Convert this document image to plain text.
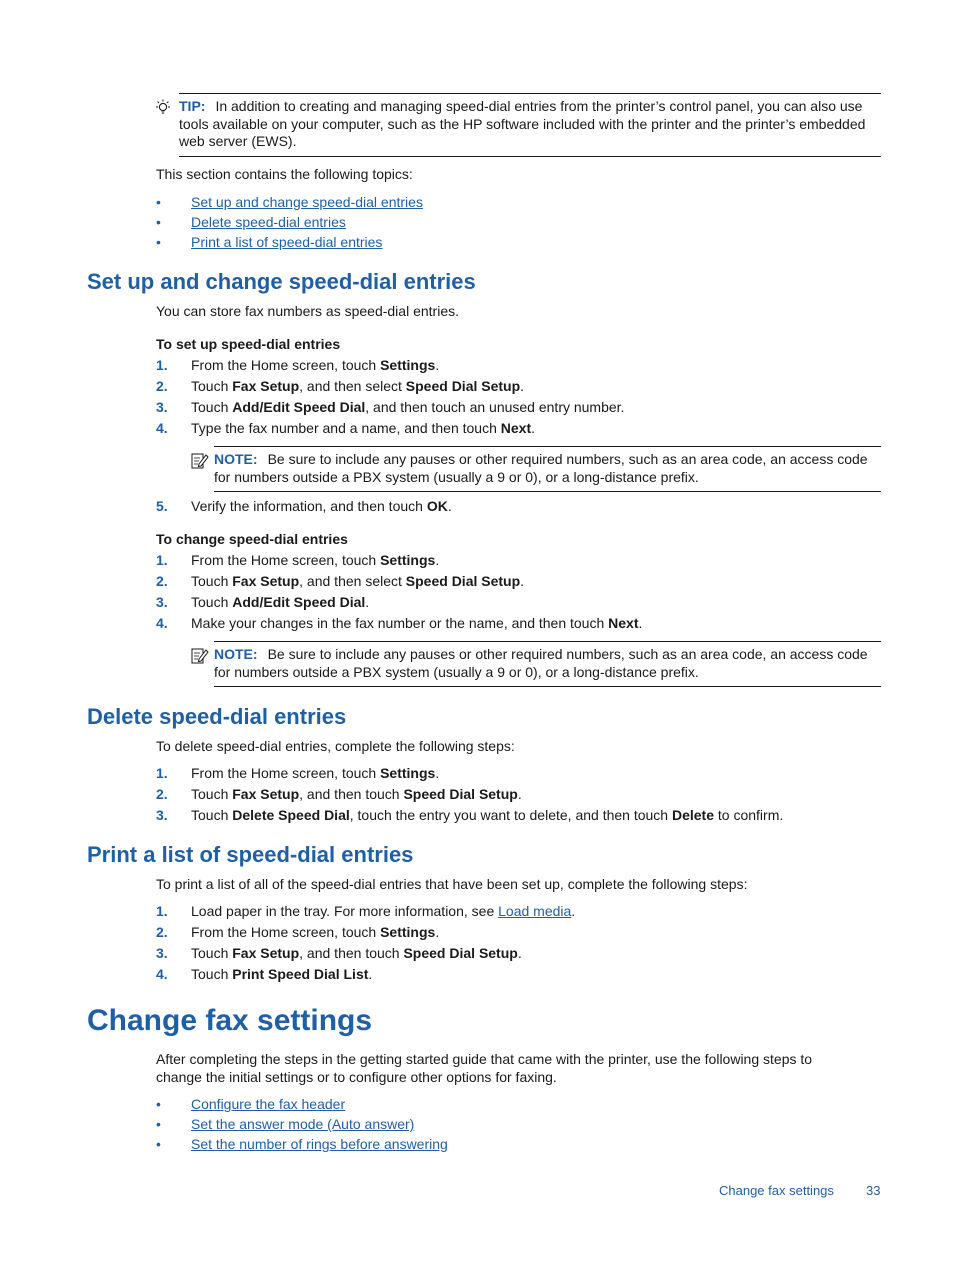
TIP: In addition to creating and managing speed-dial entries from the printer’s control panel, you can also use tools available on your computer, such as the HP software included with the printer and the printer’s embedded web server (EWS).
This section contains the following topics:
• Set up and change speed-dial entries
• Delete speed-dial entries
• Print a list of speed-dial entries
Set up and change speed-dial entries
You can store fax numbers as speed-dial entries.
To set up speed-dial entries
1. From the Home screen, touch Settings.
2. Touch Fax Setup, and then select Speed Dial Setup.
3. Touch Add/Edit Speed Dial, and then touch an unused entry number.
4. Type the fax number and a name, and then touch Next.
NOTE: Be sure to include any pauses or other required numbers, such as an area code, an access code for numbers outside a PBX system (usually a 9 or 0), or a long-distance prefix.
5. Verify the information, and then touch OK.
To change speed-dial entries
1. From the Home screen, touch Settings.
2. Touch Fax Setup, and then select Speed Dial Setup.
3. Touch Add/Edit Speed Dial.
4. Make your changes in the fax number or the name, and then touch Next.
NOTE: Be sure to include any pauses or other required numbers, such as an area code, an access code for numbers outside a PBX system (usually a 9 or 0), or a long-distance prefix.
Delete speed-dial entries
To delete speed-dial entries, complete the following steps:
1. From the Home screen, touch Settings.
2. Touch Fax Setup, and then touch Speed Dial Setup.
3. Touch Delete Speed Dial, touch the entry you want to delete, and then touch Delete to confirm.
Print a list of speed-dial entries
To print a list of all of the speed-dial entries that have been set up, complete the following steps:
1. Load paper in the tray. For more information, see Load media.
2. From the Home screen, touch Settings.
3. Touch Fax Setup, and then touch Speed Dial Setup.
4. Touch Print Speed Dial List.
Change fax settings
After completing the steps in the getting started guide that came with the printer, use the following steps to change the initial settings or to configure other options for faxing.
• Configure the fax header
• Set the answer mode (Auto answer)
• Set the number of rings before answering
Change fax settings 33
